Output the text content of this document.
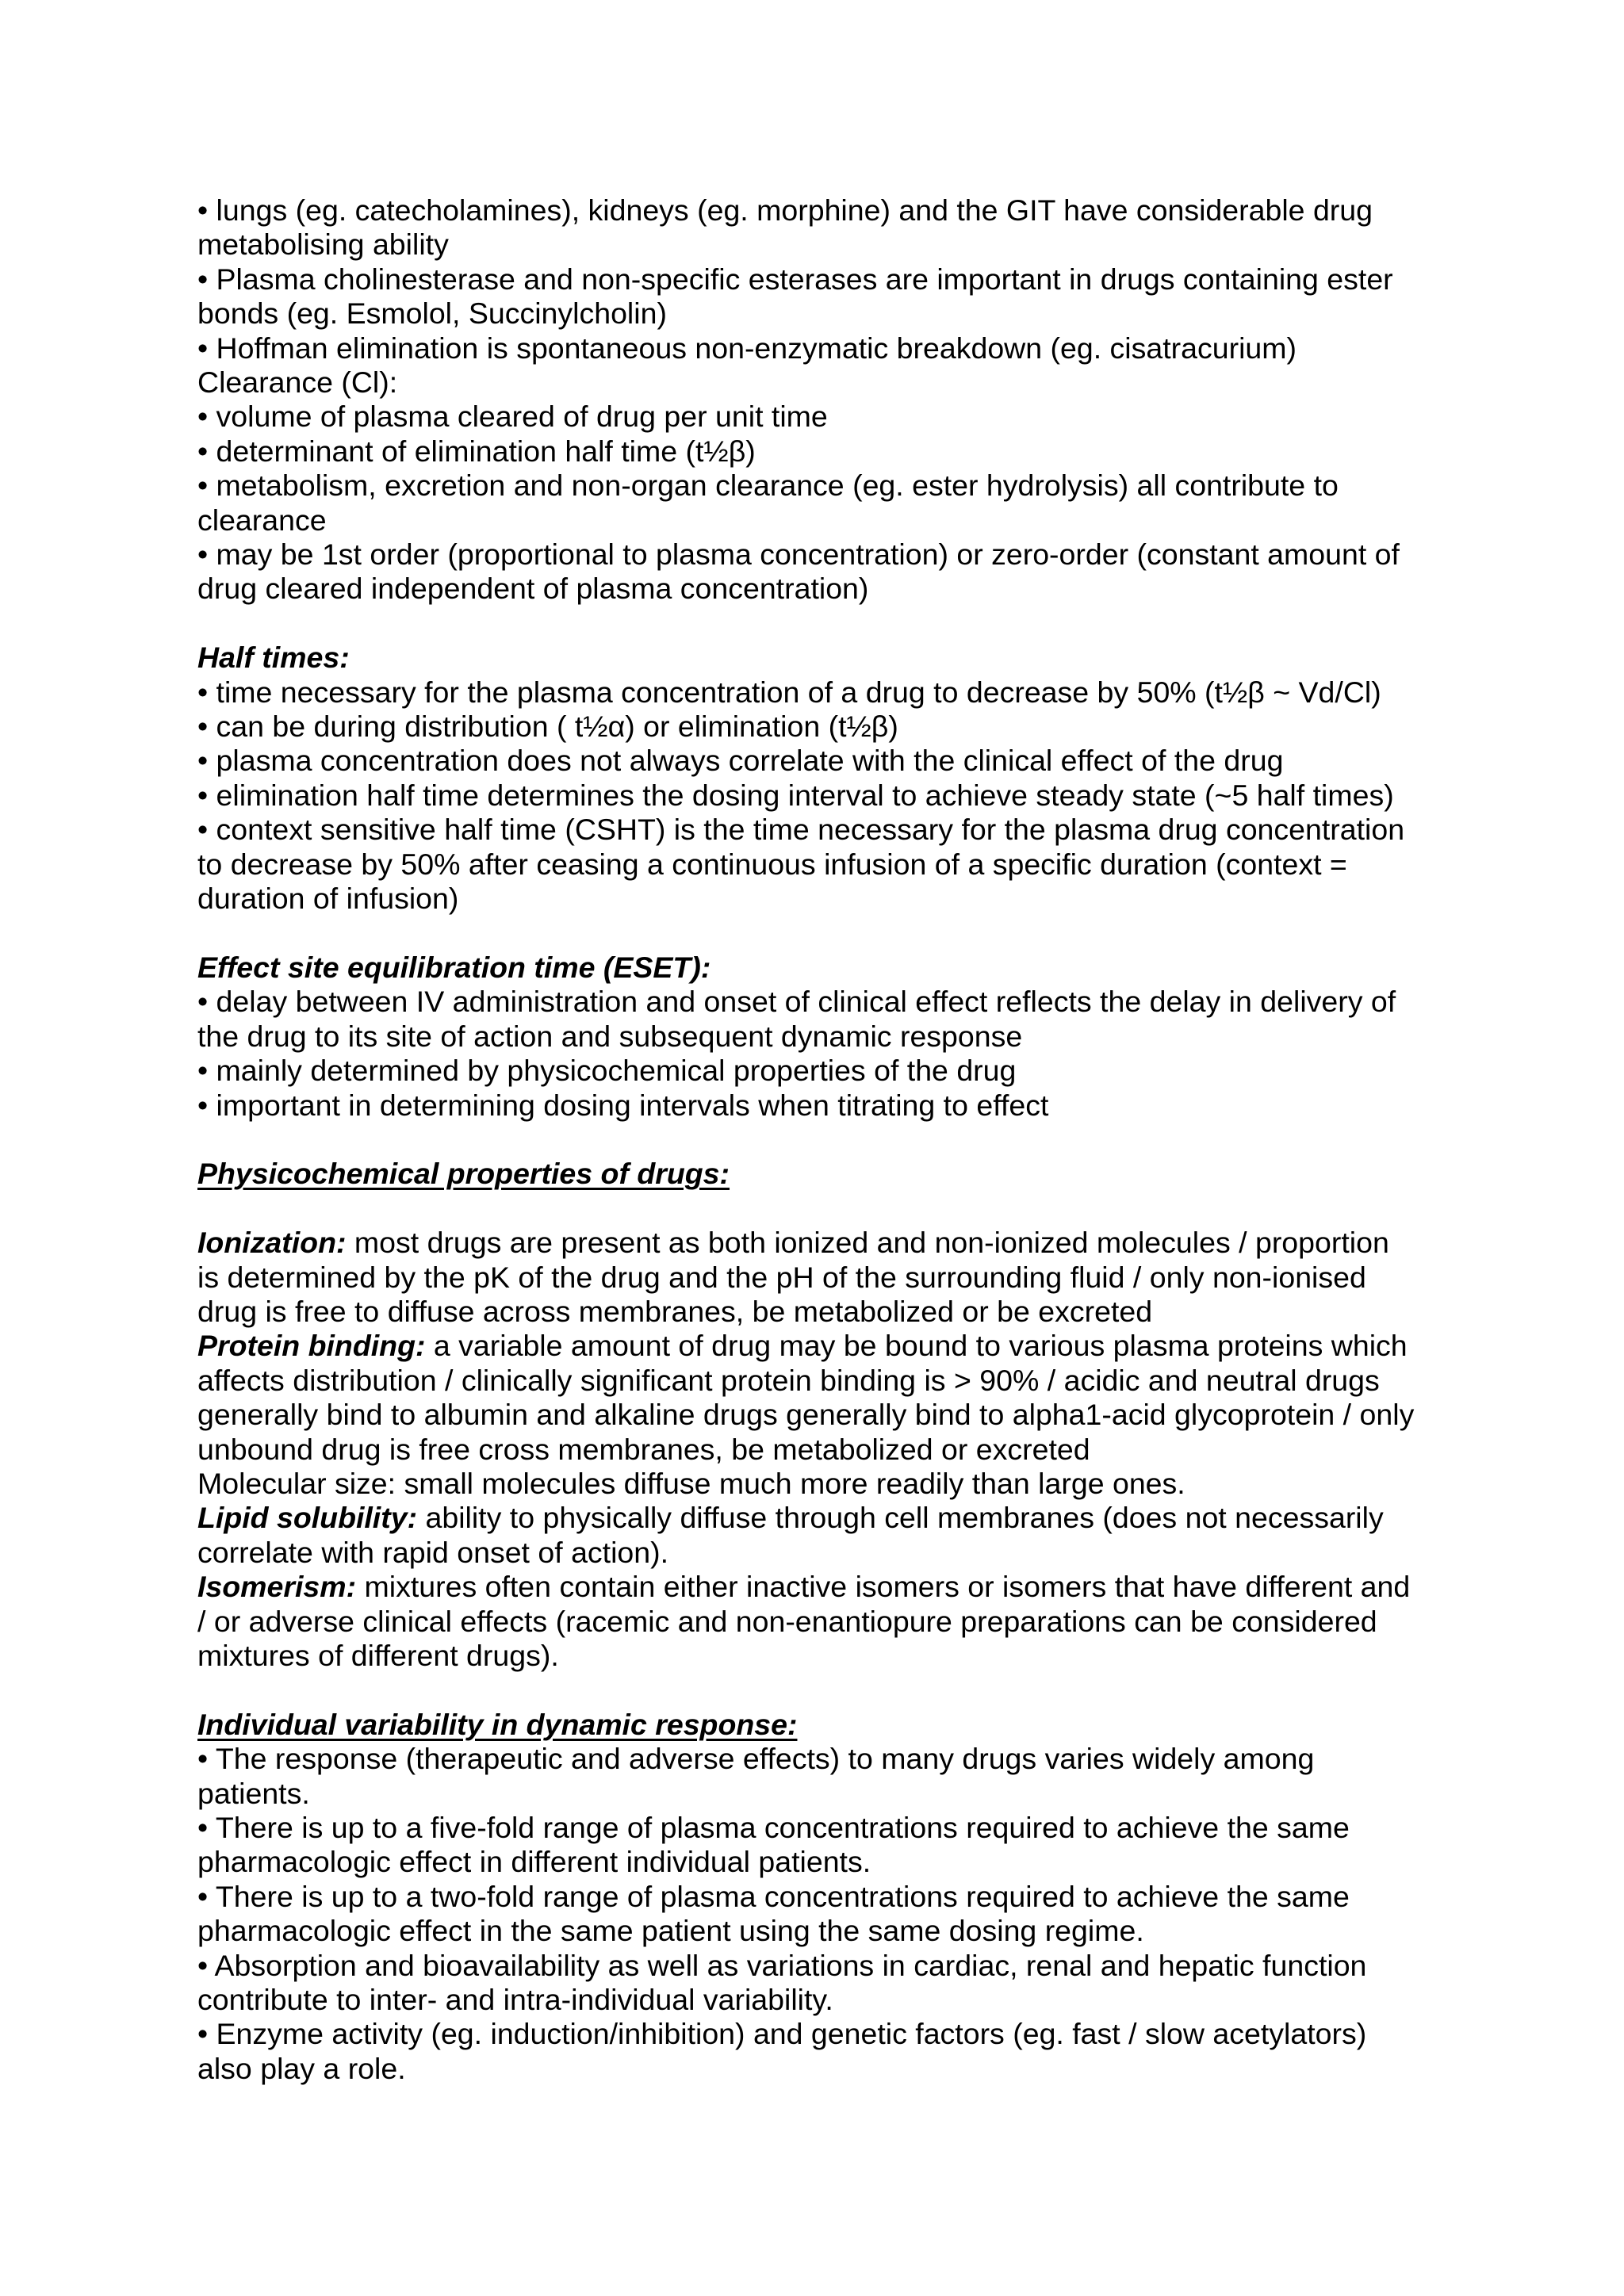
• lungs (eg. catecholamines), kidneys (eg. morphine) and the GIT have considerable drug
metabolising ability
• Plasma cholinesterase and non-specific esterases are important in drugs containing ester
bonds (eg. Esmolol, Succinylcholin)
• Hoffman elimination is spontaneous non-enzymatic breakdown (eg. cisatracurium)
Clearance (Cl):
• volume of plasma cleared of drug per unit time
• determinant of elimination half time (t½β)
• metabolism, excretion and non-organ clearance (eg. ester hydrolysis) all contribute to
clearance
• may be 1st order (proportional to plasma concentration) or zero-order (constant amount of
drug cleared independent of plasma concentration)
Half times:
• time necessary for the plasma concentration of a drug to decrease by 50% (t½β ~ Vd/Cl)
• can be during distribution ( t½α) or elimination (t½β)
• plasma concentration does not always correlate with the clinical effect of the drug
• elimination half time determines the dosing interval to achieve steady state (~5 half times)
• context sensitive half time (CSHT) is the time necessary for the plasma drug concentration
to decrease by 50% after ceasing a continuous infusion of a specific duration (context =
duration of infusion)
Effect site equilibration time (ESET):
• delay between IV administration and onset of clinical effect reflects the delay in delivery of
the drug to its site of action and subsequent dynamic response
• mainly determined by physicochemical properties of the drug
• important in determining dosing intervals when titrating to effect
Physicochemical properties of drugs:
Ionization: most drugs are present as both ionized and non-ionized molecules / proportion
is determined by the pK of the drug and the pH of the surrounding fluid / only non-ionised
drug is free to diffuse across membranes, be metabolized or be excreted
Protein binding: a variable amount of drug may be bound to various plasma proteins which
affects distribution / clinically significant protein binding is > 90% / acidic and neutral drugs
generally bind to albumin and alkaline drugs generally bind to alpha1-acid glycoprotein / only
unbound drug is free cross membranes, be metabolized or excreted
Molecular size: small molecules diffuse much more readily than large ones.
Lipid solubility: ability to physically diffuse through cell membranes (does not necessarily
correlate with rapid onset of action).
Isomerism: mixtures often contain either inactive isomers or isomers that have different and
/ or adverse clinical effects (racemic and non-enantiopure preparations can be considered
mixtures of different drugs).
Individual variability in dynamic response:
• The response (therapeutic and adverse effects) to many drugs varies widely among
patients.
• There is up to a five-fold range of plasma concentrations required to achieve the same
pharmacologic effect in different individual patients.
• There is up to a two-fold range of plasma concentrations required to achieve the same
pharmacologic effect in the same patient using the same dosing regime.
• Absorption and bioavailability as well as variations in cardiac, renal and hepatic function
contribute to inter- and intra-individual variability.
• Enzyme activity (eg. induction/inhibition) and genetic factors (eg. fast / slow acetylators)
also play a role.
